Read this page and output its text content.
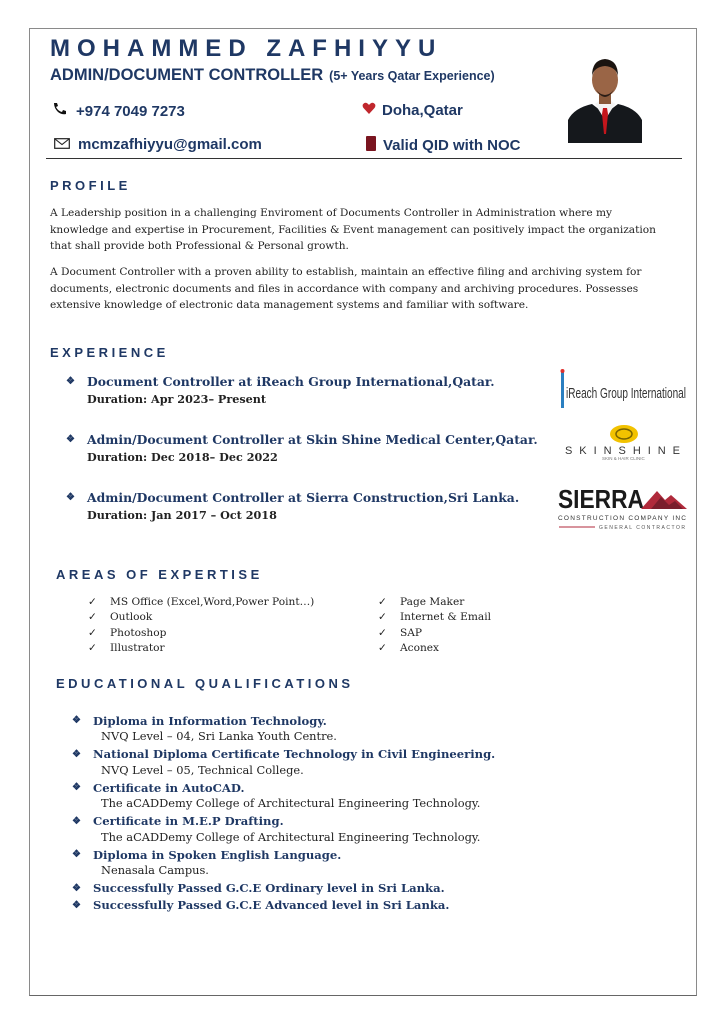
MOHAMMED ZAFHIYYU
ADMIN/DOCUMENT CONTROLLER (5+ Years Qatar Experience)
+974 7049 7273	Doha,Qatar
mcmzafhiyyu@gmail.com	Valid QID with NOC
PROFILE
A Leadership position in a challenging Enviroment of Documents Controller in Administration where my knowledge and expertise in Procurement, Facilities & Event management can positively impact the organization that shall provide both Professional & Personal growth.
A Document Controller with a proven ability to establish, maintain an effective filing and archiving system for documents, electronic documents and files in accordance with company and archiving procedures. Possesses extensive knowledge of electronic data management systems and familiar with software.
EXPERIENCE
❖ Document Controller at iReach Group International,Qatar.
Duration: Apr 2023– Present
❖ Admin/Document Controller at Skin Shine Medical Center,Qatar.
Duration: Dec 2018– Dec 2022
❖ Admin/Document Controller at Sierra Construction,Sri Lanka.
Duration: Jan 2017 – Oct 2018
iReach Group International
SKINSHINE
SKIN & HAIR CLINIC
SIERRA
CONSTRUCTION COMPANY INC
GENERAL CONTRACTOR
AREAS OF EXPERTISE
✓	MS Office (Excel,Word,Power Point…)
✓	Outlook
✓	Photoshop
✓	Illustrator
✓	Page Maker
✓	Internet & Email
✓	SAP
✓	Aconex
EDUCATIONAL QUALIFICATIONS
❖	Diploma in Information Technology.
NVQ Level – 04, Sri Lanka Youth Centre.
❖	National Diploma Certificate Technology in Civil Engineering.
NVQ Level – 05, Technical College.
❖	Certificate in AutoCAD.
The aCADDemy College of Architectural Engineering Technology.
❖	Certificate in M.E.P Drafting.
The aCADDemy College of Architectural Engineering Technology.
❖	Diploma in Spoken English Language.
Nenasala Campus.
❖	Successfully Passed G.C.E Ordinary level in Sri Lanka.
❖	Successfully Passed G.C.E Advanced level in Sri Lanka.
